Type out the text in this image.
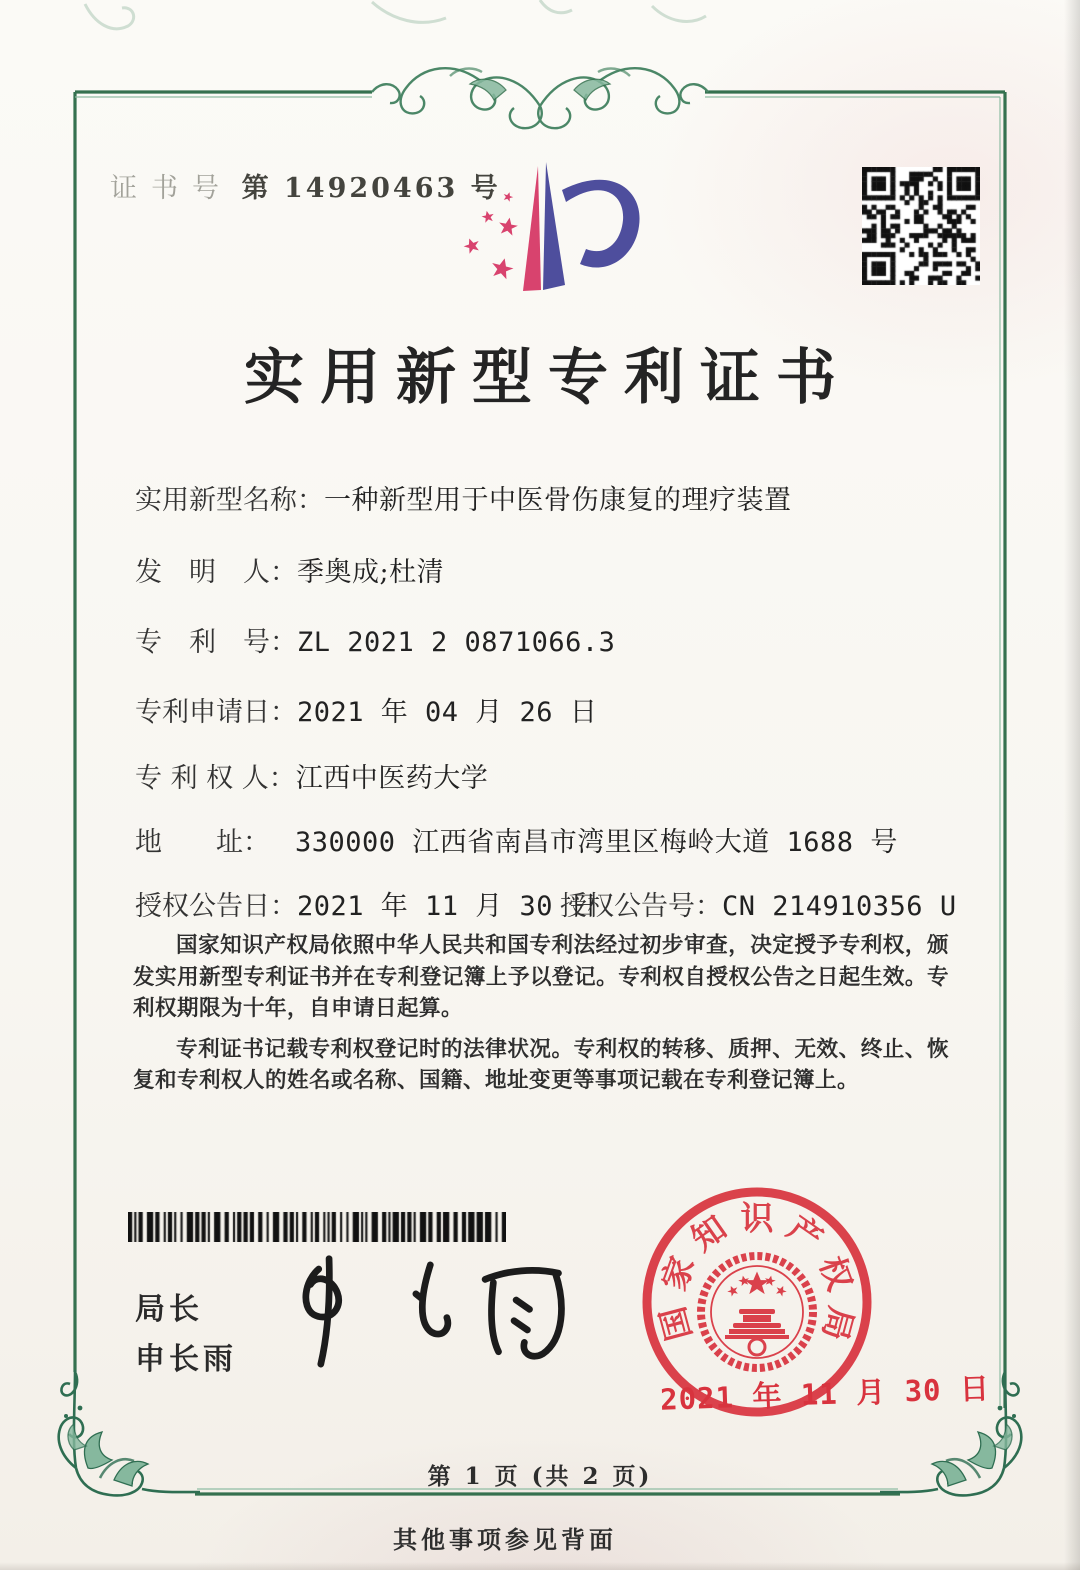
证书号 第 14920463 号
实用新型专利证书
实用新型名称：一种新型用于中医骨伤康复的理疗装置
发　明　人：季奥成;杜清
专　利　号：ZL 2021 2 0871066.3
专利申请日：2021 年 04 月 26 日
专 利 权 人：江西中医药大学
地　　址： 330000 江西省南昌市湾里区梅岭大道 1688 号
授权公告日：2021 年 11 月 30 日
授权公告号：CN 214910356 U

国家知识产权局依照中华人民共和国专利法经过初步审查，决定授予专利权，颁发实用新型专利证书并在专利登记簿上予以登记。专利权自授权公告之日起生效。专利权期限为十年，自申请日起算。

专利证书记载专利权登记时的法律状况。专利权的转移、质押、无效、终止、恢复和专利权人的姓名或名称、国籍、地址变更等事项记载在专利登记簿上。

局长
申长雨
国
家
知 识 产
权
局
2021 年 11 月 30 日
第 1 页 (共 2 页)
其他事项参见背面
